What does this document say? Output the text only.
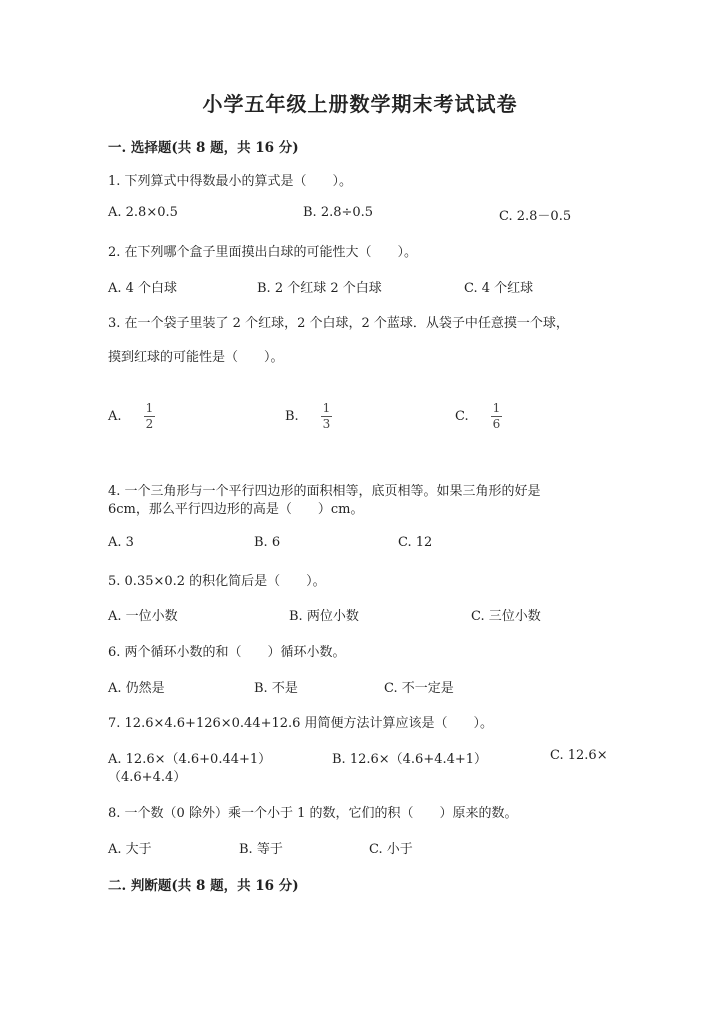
小学五年级上册数学期末考试试卷
一. 选择题(共 8 题，共 16 分)
1. 下列算式中得数最小的算式是（　　）。
A. 2.8×0.5	B. 2.8÷0.5	C. 2.8－0.5
2. 在下列哪个盒子里面摸出白球的可能性大（　　）。
A. 4 个白球	B. 2 个红球 2 个白球	C. 4 个红球
3. 在一个袋子里装了 2 个红球，2 个白球，2 个蓝球．从袋子中任意摸一个球，
摸到红球的可能性是（　　）。
A.
1
2	B.
1
3	C.
1
6
4. 一个三角形与一个平行四边形的面积相等，底页相等。如果三角形的好是
6cm，那么平行四边形的高是（　　）cm。
A. 3	B. 6	C. 12
5. 0.35×0.2 的积化简后是（　　）。
A. 一位小数	B. 两位小数	C. 三位小数
6. 两个循环小数的和（　　）循环小数。
A. 仍然是	B. 不是	C. 不一定是
7. 12.6×4.6+126×0.44+12.6 用简便方法计算应该是（　　）。
A. 12.6×（4.6+0.44+1）	B. 12.6×（4.6+4.4+1）	C. 12.6×
（4.6+4.4）
8. 一个数（0 除外）乘一个小于 1 的数，它们的积（　　）原来的数。
A. 大于	B. 等于	C. 小于
二. 判断题(共 8 题，共 16 分)
